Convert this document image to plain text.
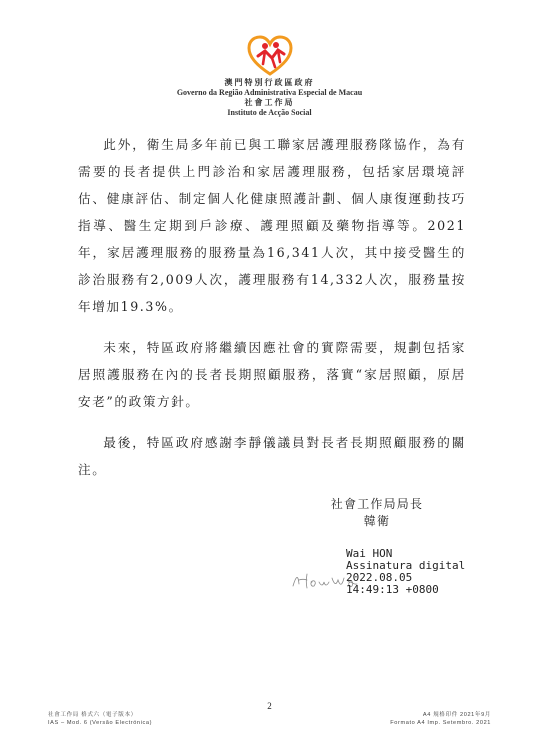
澳門特別行政區政府
Governo da Região Administrativa Especial de Macau
社會工作局
Instituto de Acção Social

此外，衛生局多年前已與工聯家居護理服務隊協作，為有需要的長者提供上門診治和家居護理服務，包括家居環境評估、健康評估、制定個人化健康照護計劃、個人康復運動技巧指導、醫生定期到戶診療、護理照顧及藥物指導等。2021年，家居護理服務的服務量為16,341人次，其中接受醫生的診治服務有2,009人次，護理服務有14,332人次，服務量按年增加19.3%。

未來，特區政府將繼續因應社會的實際需要，規劃包括家居照護服務在內的長者長期照顧服務，落實“家居照顧，原居安老”的政策方針。

最後，特區政府感謝李靜儀議員對長者長期照顧服務的關注。

社會工作局局長
韓衛
Wai HON
Assinatura digital
2022.08.05
14:49:13 +0800
2
社會工作局 格式六（電子版本）
IAS – Mod. 6 (Versão Electrónica)
A4 規格印件 2021年9月
Formato A4 Imp. Setembro. 2021
